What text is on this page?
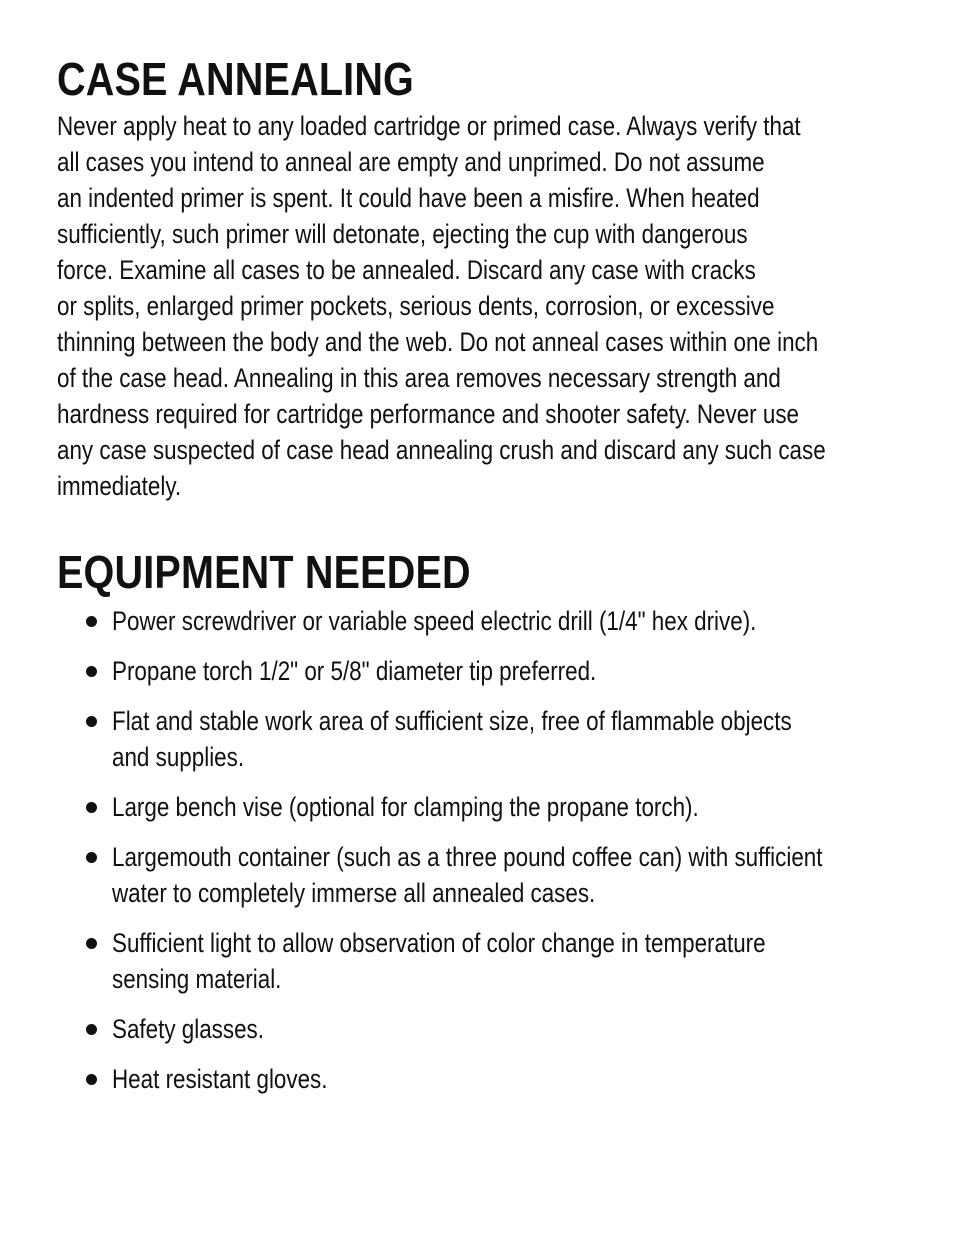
CASE ANNEALING

Never apply heat to any loaded cartridge or primed case. Always verify that
all cases you intend to anneal are empty and unprimed. Do not assume
an indented primer is spent. It could have been a misfire. When heated
sufficiently, such primer will detonate, ejecting the cup with dangerous
force. Examine all cases to be annealed. Discard any case with cracks
or splits, enlarged primer pockets, serious dents, corrosion, or excessive
thinning between the body and the web. Do not anneal cases within one inch
of the case head. Annealing in this area removes necessary strength and
hardness required for cartridge performance and shooter safety. Never use
any case suspected of case head annealing crush and discard any such case
immediately.

EQUIPMENT NEEDED
Power screwdriver or variable speed electric drill (1/4" hex drive).
Propane torch 1/2" or 5/8" diameter tip preferred.
Flat and stable work area of sufficient size, free of flammable objects
and supplies.
Large bench vise (optional for clamping the propane torch).
Largemouth container (such as a three pound coffee can) with sufficient
water to completely immerse all annealed cases.
Sufficient light to allow observation of color change in temperature
sensing material.
Safety glasses.
Heat resistant gloves.
